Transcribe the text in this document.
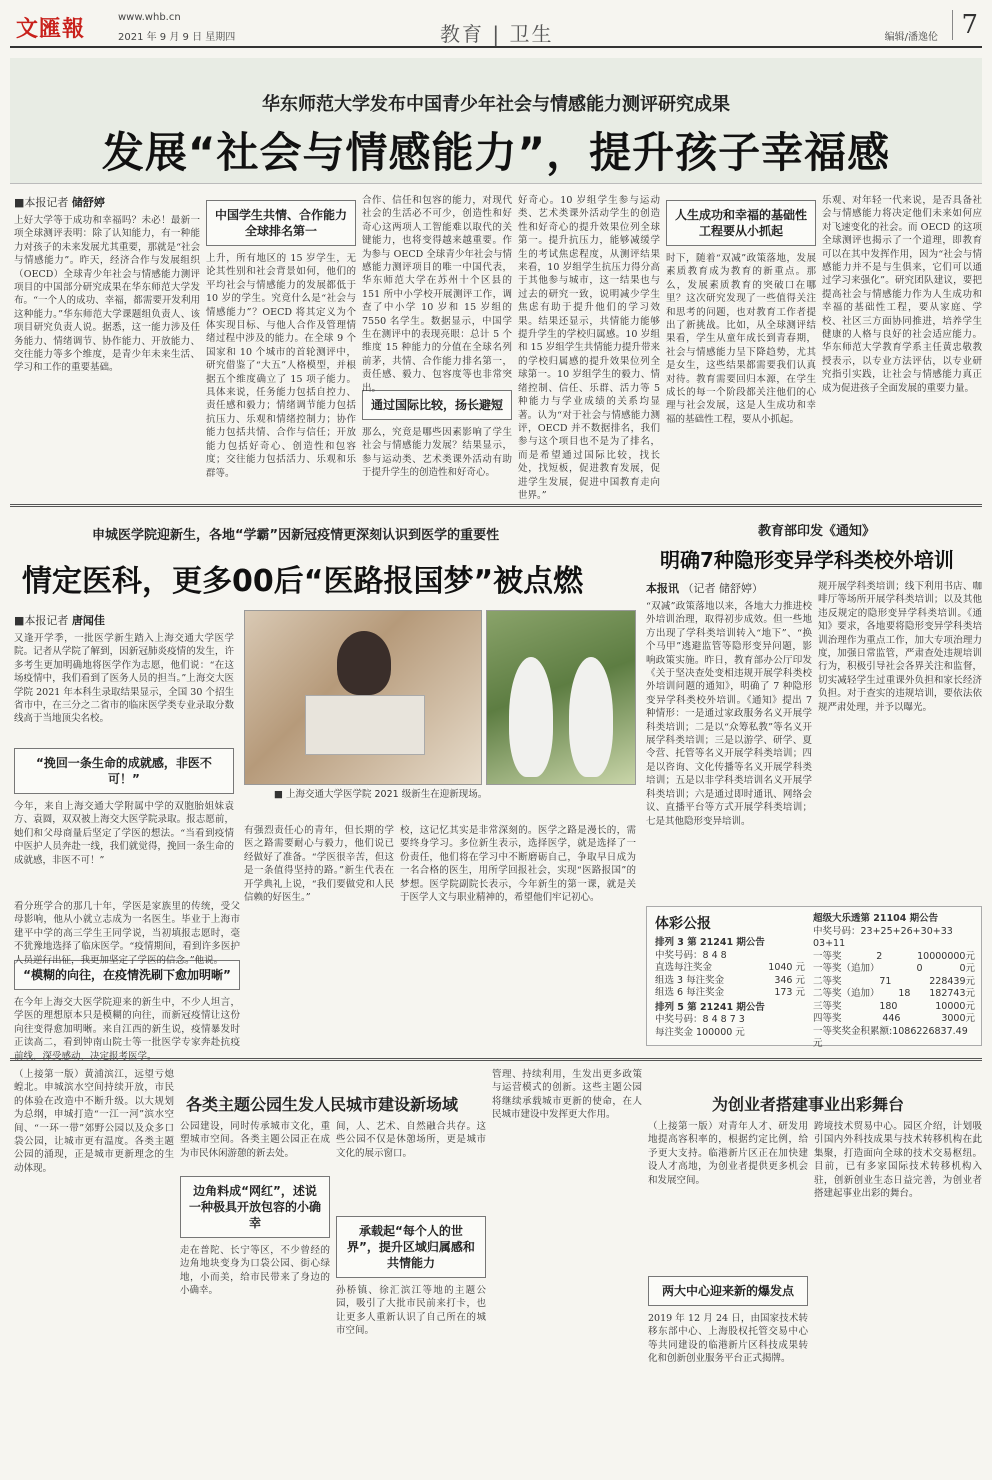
文匯報	www.whb.cn
2021 年 9 月 9 日 星期四	教育 | 卫生	编辑/潘逸伦 7
华东师范大学发布中国青少年社会与情感能力测评研究成果
发展“社会与情感能力”，提升孩子幸福感
■本报记者 储舒婷
上好大学等于成功和幸福吗？未必！最新一项全球测评表明：除了认知能力，有一种能力对孩子的未来发展尤其重要，那就是“社会与情感能力”。昨天，经济合作与发展组织（OECD）全球青少年社会与情感能力测评项目的中国部分研究成果在华东师范大学发布。“一个人的成功、幸福，都需要开发利用这种能力。”华东师范大学课题组负责人、该项目研究负责人说。据悉，这一能力涉及任务能力、情绪调节、协作能力、开放能力、交往能力等多个维度，是青少年未来生活、学习和工作的重要基础。
中国学生共情、合作能力全球排名第一
上升，所有地区的 15 岁学生，无论其性别和社会背景如何，他们的平均社会与情感能力的发展都低于 10 岁的学生。究竟什么是“社会与情感能力”？OECD 将其定义为个体实现目标、与他人合作及管理情绪过程中涉及的能力。在全球 9 个国家和 10 个城市的首轮测评中，研究借鉴了“大五”人格模型，并根据五个维度确立了 15 项子能力。具体来说，任务能力包括自控力、责任感和毅力；情绪调节能力包括抗压力、乐观和情绪控制力；协作能力包括共情、合作与信任；开放能力包括好奇心、创造性和包容度；交往能力包括活力、乐观和乐群等。
合作、信任和包容的能力，对现代社会的生活必不可少，创造性和好奇心这两项人工智能难以取代的关键能力，也将变得越来越重要。作为参与 OECD 全球青少年社会与情感能力测评项目的唯一中国代表，华东师范大学在苏州十个区县的 151 所中小学校开展测评工作，调查了中小学 10 岁和 15 岁组的 7550 名学生。数据显示，中国学生在测评中的表现亮眼：总计 5 个维度 15 种能力的分值在全球名列前茅，共情、合作能力排名第一，责任感、毅力、包容度等也非常突出。
通过国际比较，扬长避短
那么，究竟是哪些因素影响了学生社会与情感能力发展？结果显示，参与运动类、艺术类课外活动有助于提升学生的创造性和好奇心。
好奇心。10 岁组学生参与运动类、艺术类课外活动学生的创造性和好奇心的提升效果位列全球第一。提升抗压力，能够减缓学生的考试焦虑程度，从测评结果来看，10 岁组学生抗压力得分高于其他参与城市，这一结果也与过去的研究一致，说明减少学生焦虑有助于提升他们的学习效果。结果还显示，共情能力能够提升学生的学校归属感。10 岁组和 15 岁组学生共情能力提升带来的学校归属感的提升效果位列全球第一。10 岁组学生的毅力、情绪控制、信任、乐群、活力等 5 种能力与学业成绩的关系均显著。认为“对于社会与情感能力测评，OECD 并不数据排名，我们参与这个项目也不是为了排名，而是希望通过国际比较，找长处，找短板，促进教育发展，促进学生发展，促进中国教育走向世界。”
人生成功和幸福的基础性工程要从小抓起
时下，随着“双减”政策落地，发展素质教育成为教育的新重点。那么，发展素质教育的突破口在哪里？这次研究发现了一些值得关注和思考的问题，也对教育工作者提出了新挑战。比如，从全球测评结果看，学生从童年成长到青春期，社会与情感能力呈下降趋势，尤其是女生，这些结果都需要我们认真对待。教育需要回归本源，在学生成长的每一个阶段都关注他们的心理与社会发展，这是人生成功和幸福的基础性工程，要从小抓起。
乐观、对年轻一代来说，是否具备社会与情感能力将决定他们未来如何应对飞速变化的社会。而 OECD 的这项全球测评也揭示了一个道理，即教育可以在其中发挥作用，因为“社会与情感能力并不是与生俱来，它们可以通过学习来强化”。研究团队建议，要把提高社会与情感能力作为人生成功和幸福的基础性工程，要从家庭、学校、社区三方面协同推进，培养学生健康的人格与良好的社会适应能力。华东师范大学教育学系主任黄忠敬教授表示，以专业方法评估，以专业研究指引实践，让社会与情感能力真正成为促进孩子全面发展的重要力量。
申城医学院迎新生，各地“学霸”因新冠疫情更深刻认识到医学的重要性
情定医科，更多00后“医路报国梦”被点燃
■本报记者 唐闻佳
又逢开学季，一批医学新生踏入上海交通大学医学院。记者从学院了解到，因新冠肺炎疫情的发生，许多考生更加明确地将医学作为志愿，他们说：“在这场疫情中，我们看到了医务人员的担当。”上海交大医学院 2021 年本科生录取结果显示，全国 30 个招生省市中，在三分之二省市的临床医学类专业录取分数线高于当地顶尖名校。
“挽回一条生命的成就感，非医不可！”
今年，来自上海交通大学附属中学的双胞胎姐妹袁方、袁圆，双双被上海交大医学院录取。报志愿前，她们和父母商量后坚定了学医的想法。“当看到疫情中医护人员奔赴一线，我们就觉得，挽回一条生命的成就感，非医不可！”
■ 上海交通大学医学院 2021 级新生在迎新现场。
有强烈责任心的青年，但长期的学医之路需要耐心与毅力，他们说已经做好了准备。“学医很辛苦，但这是一条值得坚持的路。”新生代表在开学典礼上说，“我们要做党和人民信赖的好医生。”
校，这记忆其实是非常深刻的。医学之路是漫长的，需要终身学习。多位新生表示，选择医学，就是选择了一份责任，他们将在学习中不断磨砺自己，争取早日成为一名合格的医生，用所学回报社会，实现“医路报国”的梦想。医学院副院长表示，今年新生的第一课，就是关于医学人文与职业精神的，希望他们牢记初心。
教育部印发《通知》
明确7种隐形变异学科类校外培训
本报讯 （记者 储舒婷）
“双减”政策落地以来，各地大力推进校外培训治理，取得初步成效。但一些地方出现了学科类培训转入“地下”、“换个马甲”逃避监管等隐形变异问题，影响政策实施。昨日，教育部办公厅印发《关于坚决查处变相违规开展学科类校外培训问题的通知》，明确了 7 种隐形变异学科类校外培训。《通知》提出 7 种情形：一是通过家政服务名义开展学科类培训；二是以“众筹私教”等名义开展学科类培训；三是以游学、研学、夏令营、托管等名义开展学科类培训；四是以咨询、文化传播等名义开展学科类培训；五是以非学科类培训名义开展学科类培训；六是通过即时通讯、网络会议、直播平台等方式开展学科类培训；七是其他隐形变异培训。
规开展学科类培训；线下利用书店、咖啡厅等场所开展学科类培训；以及其他违反规定的隐形变异学科类培训。《通知》要求，各地要将隐形变异学科类培训治理作为重点工作，加大专项治理力度，加强日常监管，严肃查处违规培训行为，积极引导社会各界关注和监督，切实减轻学生过重课外负担和家长经济负担。对于查实的违规培训，要依法依规严肃处理，并予以曝光。
体彩公报
排列 3 第 21241 期公告
中奖号码：8 4 8
直选每注奖金	1040 元
组选 3 每注奖金	346 元
组选 6 每注奖金	173 元
排列 5 第 21241 期公告
中奖号码：8 4 8 7 3
每注奖金 100000 元
超级大乐透第 21104 期公告
中奖号码：23+25+26+30+33 03+11
一等奖	2	10000000元
一等奖（追加）	0	0元
二等奖	71	228439元
二等奖（追加） 18 182743元
三等奖	180	10000元
四等奖	446	3000元
一等奖奖金积累额:1086226837.49元
看分班学合的那几十年，学医是家族里的传统，受父母影响，他从小就立志成为一名医生。毕业于上海市建平中学的高三学生王同学说，当初填报志愿时，毫不犹豫地选择了临床医学。“疫情期间，看到许多医护人员逆行出征，我更加坚定了学医的信念。”他说。
“模糊的向往，在疫情洗刷下愈加明晰”
在今年上海交大医学院迎来的新生中，不少人坦言，学医的理想原本只是模糊的向往，而新冠疫情让这份向往变得愈加明晰。来自江西的新生说，疫情暴发时正读高二，看到钟南山院士等一批医学专家奔赴抗疫前线，深受感动，决定报考医学。
各类主题公园生发人民城市建设新场域
（上接第一版）黄浦滨江，远望亏熄蝗北。申城滨水空间持续开放，市民的体验在改造中不断升级。以大规划为总纲，申城打造“一江一河”滨水空间、“一环一带”郊野公园以及众多口袋公园，让城市更有温度。各类主题公园的涌现，正是城市更新理念的生动体现。
公园建设，同时传承城市文化，重塑城市空间。各类主题公园正在成为市民休闲游憩的新去处。
边角料成“网红”，述说一种极具开放包容的小确幸
走在普陀、长宁等区，不少曾经的边角地块变身为口袋公园、街心绿地，小而美，给市民带来了身边的小确幸。
间，人、艺术、自然融合共存。这些公园不仅是休憩场所，更是城市文化的展示窗口。
承载起“每个人的世界”，提升区域归属感和共情能力
孙桥镇、徐汇滨江等地的主题公园，吸引了大批市民前来打卡，也让更多人重新认识了自己所在的城市空间。
管理、持续利用，生发出更多政策与运营模式的创新。这些主题公园将继续承载城市更新的使命，在人民城市建设中发挥更大作用。
为创业者搭建事业出彩舞台
（上接第一版）对青年人才、研发用地提高容积率的，根据约定比例，给予更大支持。临港新片区正在加快建设人才高地，为创业者提供更多机会和发展空间。
两大中心迎来新的爆发点
2019 年 12 月 24 日，由国家技术转移东部中心、上海股权托管交易中心等共同建设的临港新片区科技成果转化和创新创业服务平台正式揭牌。
跨境技术贸易中心。园区介绍，计划吸引国内外科技成果与技术转移机构在此集聚，打造面向全球的技术交易枢纽。目前，已有多家国际技术转移机构入驻，创新创业生态日益完善，为创业者搭建起事业出彩的舞台。
